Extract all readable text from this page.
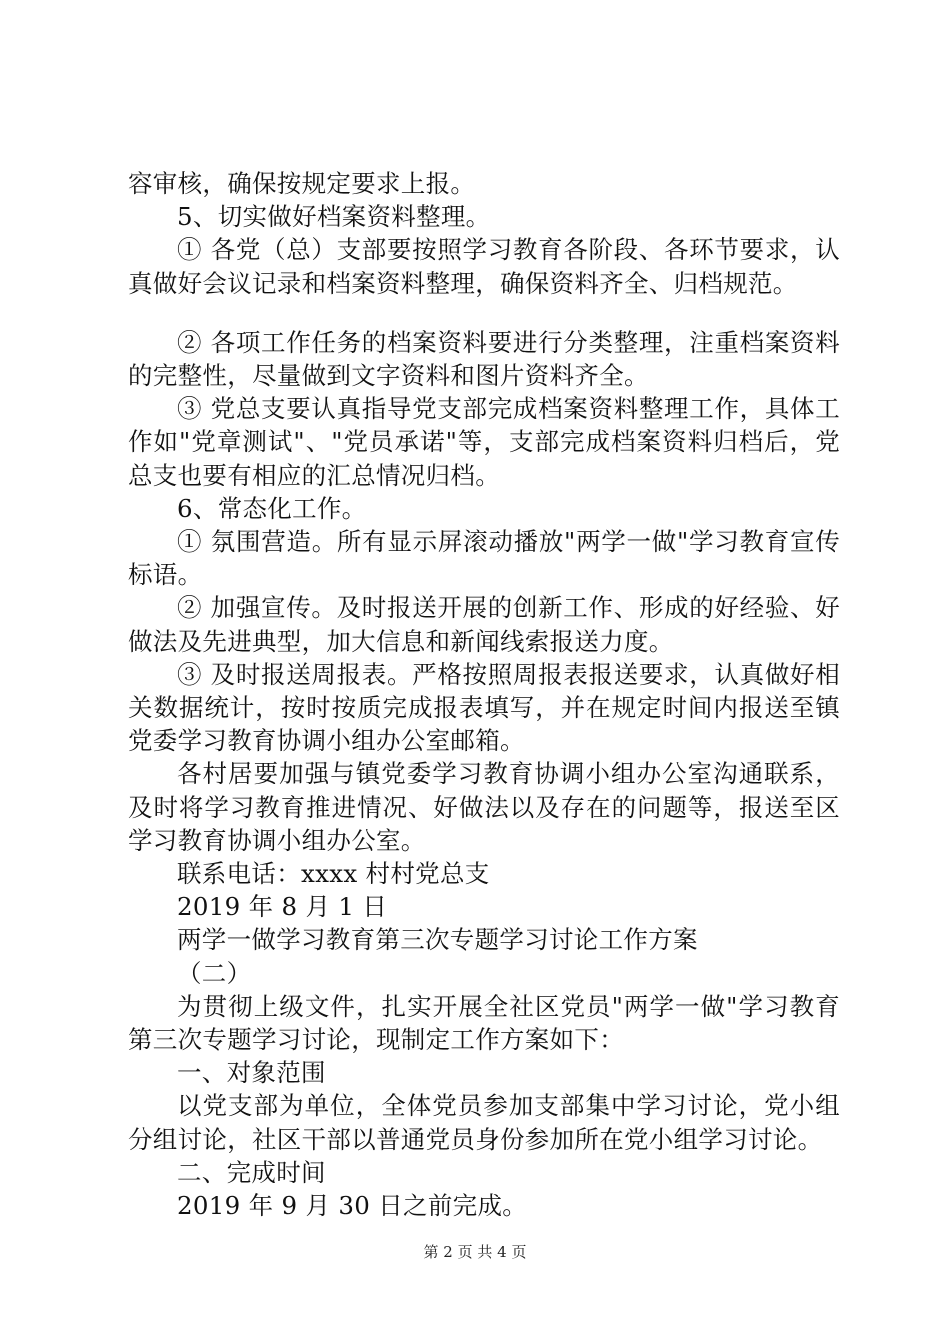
容审核，确保按规定要求上报。

5、切实做好档案资料整理。

① 各党（总）支部要按照学习教育各阶段、各环节要求，认真做好会议记录和档案资料整理，确保资料齐全、归档规范。

② 各项工作任务的档案资料要进行分类整理，注重档案资料的完整性，尽量做到文字资料和图片资料齐全。

③ 党总支要认真指导党支部完成档案资料整理工作，具体工作如"党章测试"、"党员承诺"等，支部完成档案资料归档后，党总支也要有相应的汇总情况归档。

6、常态化工作。

① 氛围营造。所有显示屏滚动播放"两学一做"学习教育宣传标语。

② 加强宣传。及时报送开展的创新工作、形成的好经验、好做法及先进典型，加大信息和新闻线索报送力度。

③ 及时报送周报表。严格按照周报表报送要求，认真做好相关数据统计，按时按质完成报表填写，并在规定时间内报送至镇党委学习教育协调小组办公室邮箱。

各村居要加强与镇党委学习教育协调小组办公室沟通联系，及时将学习教育推进情况、好做法以及存在的问题等，报送至区学习教育协调小组办公室。

联系电话：xxxx 村村党总支

2019 年 8 月 1 日

两学一做学习教育第三次专题学习讨论工作方案

（二）

为贯彻上级文件，扎实开展全社区党员"两学一做"学习教育第三次专题学习讨论，现制定工作方案如下：

一、对象范围

以党支部为单位，全体党员参加支部集中学习讨论，党小组分组讨论，社区干部以普通党员身份参加所在党小组学习讨论。

二、完成时间

2019 年 9 月 30 日之前完成。

第 2 页 共 4 页
